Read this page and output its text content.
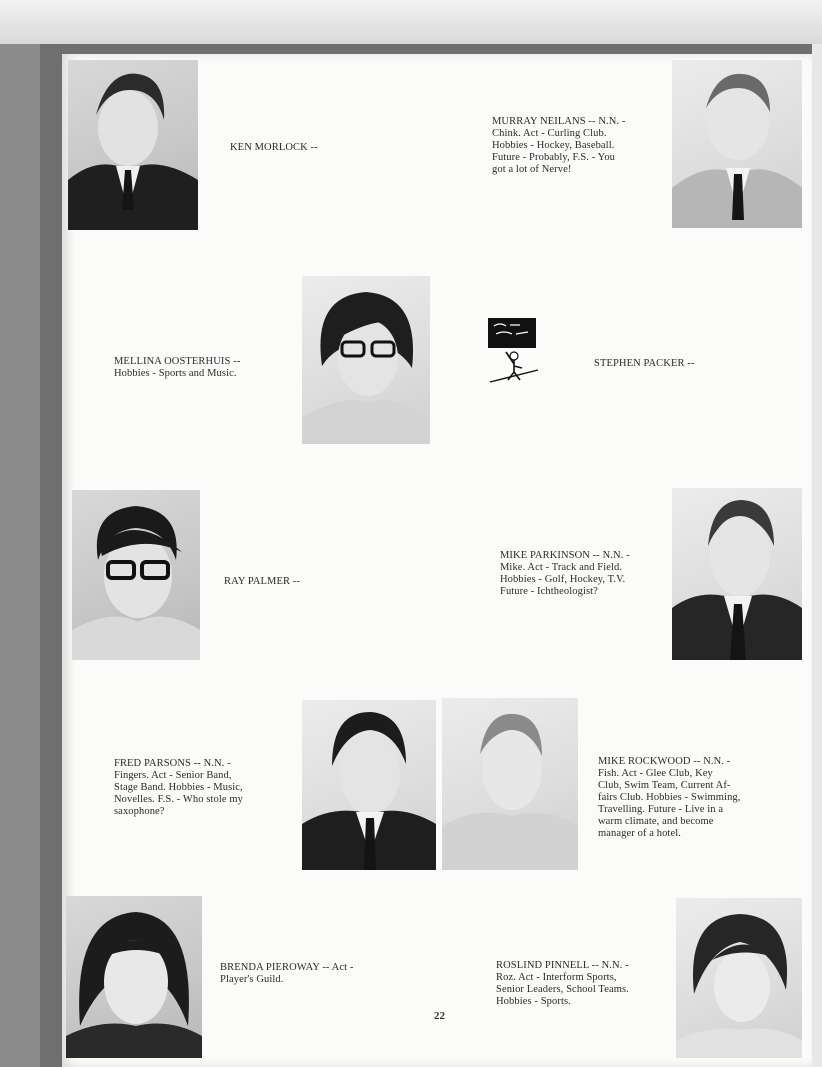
KEN MORLOCK --
MURRAY NEILANS -- N.N. -
Chink. Act - Curling Club.
Hobbies - Hockey, Baseball.
Future - Probably, F.S. - You
got a lot of Nerve!
MELLINA OOSTERHUIS --
Hobbies - Sports and Music.
STEPHEN PACKER --
RAY PALMER --
MIKE PARKINSON -- N.N. -
Mike. Act - Track and Field.
Hobbies - Golf, Hockey, T.V.
Future - Ichtheologist?
FRED PARSONS -- N.N. -
Fingers. Act - Senior Band,
Stage Band. Hobbies - Music,
Novelles. F.S. - Who stole my
saxophone?
MIKE ROCKWOOD -- N.N. -
Fish. Act - Glee Club, Key
Club, Swim Team, Current Af-
fairs Club. Hobbies - Swimming,
Travelling. Future - Live in a
warm climate, and become
manager of a hotel.
BRENDA PIEROWAY -- Act -
Player's Guild.
ROSLIND PINNELL -- N.N. -
Roz. Act - Interform Sports,
Senior Leaders, School Teams.
Hobbies - Sports.
22
